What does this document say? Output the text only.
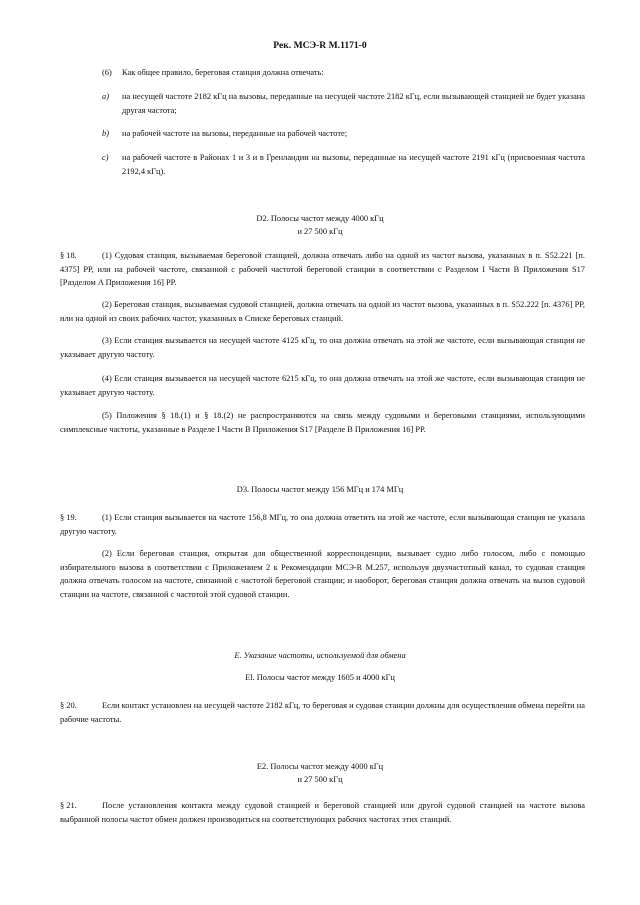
Рек. МСЭ-R M.1171-0
(6) Как общее правило, береговая станция должна отвечать:
a) на несущей частоте 2182 кГц на вызовы, переданные на несущей частоте 2182 кГц, если вызывающей станцией не будет указана другая частота;
b) на рабочей частоте на вызовы, переданные на рабочей частоте;
c) на рабочей частоте в Районах 1 и 3 и в Гренландии на вызовы, переданные на несущей частоте 2191 кГц (присвоенная частота 2192,4 кГц).
D2. Полосы частот между 4000 кГц
и 27 500 кГц
§ 18.	(1) Судовая станция, вызываемая береговой станцией, должна отвечать либо на одной из частот вызова, указанных в п. S52.221 [п. 4375] РР, или на рабочей частоте, связанной с рабочей частотой береговой станции в соответствии с Разделом I Части B Приложения S17 [Разделом A Приложения 16] РР.
(2) Береговая станция, вызываемая судовой станцией, должна отвечать на одной из частот вызова, указанных в п. S52.222 [п. 4376] РР, или на одной из своих рабочих частот, указанных в Списке береговых станций.
(3) Если станция вызывается на несущей частоте 4125 кГц, то она должна отвечать на этой же частоте, если вызывающая станция не указывает другую частоту.
(4) Если станция вызывается на несущей частоте 6215 кГц, то она должна отвечать на этой же частоте, если вызывающая станция не указывает другую частоту.
(5) Положения § 18.(1) и § 18.(2) не распространяются на связь между судовыми и береговыми станциями, использующими симплексные частоты, указанные в Разделе I Части B Приложения S17 [Разделе B Приложения 16] РР.
D3. Полосы частот между 156 МГц и 174 МГц
§ 19.	(1) Если станция вызывается на частоте 156,8 МГц, то она должна ответить на этой же частоте, если вызывающая станция не указала другую частоту.
(2) Если береговая станция, открытая для общественной корреспонденции, вызывает судно либо голосом, либо с помощью избирательного вызова в соответствии с Приложением 2 к Рекомендации МСЭ-R M.257, используя двухчастотный канал, то судовая станция должна отвечать голосом на частоте, связанной с частотой береговой станции; и наоборот, береговая станция должна отвечать на вызов судовой станции на частоте, связанной с частотой этой судовой станции.
E. Указание частоты, используемой для обмена
El. Полосы частот между 1605 и 4000 кГц
§ 20.	Если контакт установлен на несущей частоте 2182 кГц, то береговая и судовая станции должны для осуществления обмена перейти на рабочие частоты.
E2. Полосы частот между 4000 кГц
и 27 500 кГц
§ 21.	После установления контакта между судовой станцией и береговой станцией или другой судовой станцией на частоте вызова выбранной полосы частот обмен должен производиться на соответствующих рабочих частотах этих станций.
